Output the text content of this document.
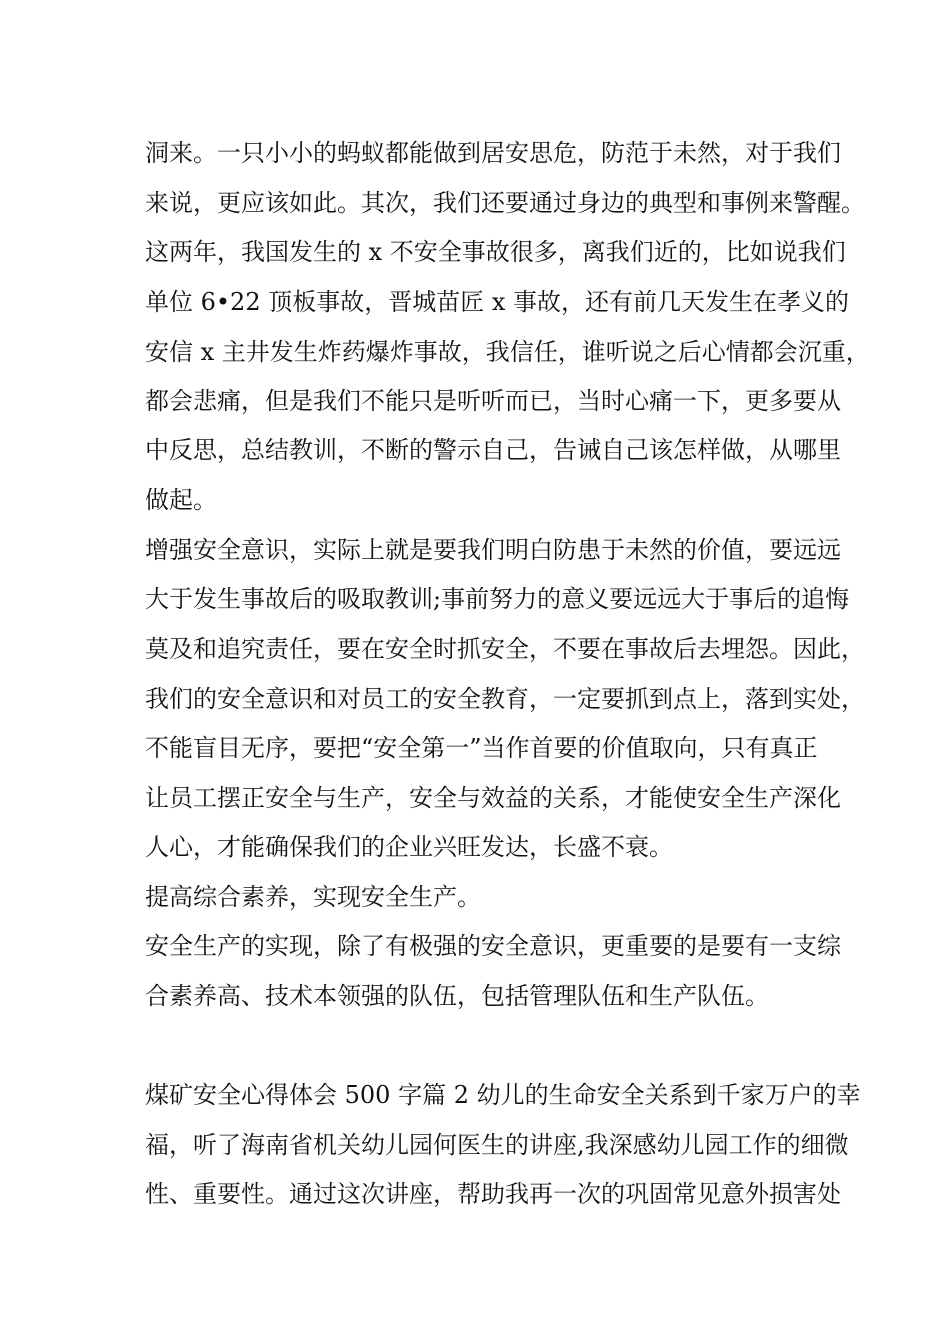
洞来。一只小小的蚂蚁都能做到居安思危，防范于未然，对于我们
来说，更应该如此。其次，我们还要通过身边的典型和事例来警醒。
这两年，我国发生的 x 不安全事故很多，离我们近的，比如说我们
单位 6•22 顶板事故，晋城苗匠 x 事故，还有前几天发生在孝义的
安信 x 主井发生炸药爆炸事故，我信任，谁听说之后心情都会沉重，
都会悲痛，但是我们不能只是听听而已，当时心痛一下，更多要从
中反思，总结教训，不断的警示自己，告诫自己该怎样做，从哪里
做起。
增强安全意识，实际上就是要我们明白防患于未然的价值，要远远
大于发生事故后的吸取教训;事前努力的意义要远远大于事后的追悔
莫及和追究责任，要在安全时抓安全，不要在事故后去埋怨。因此，
我们的安全意识和对员工的安全教育，一定要抓到点上，落到实处，
不能盲目无序，要把“安全第一”当作首要的价值取向，只有真正
让员工摆正安全与生产，安全与效益的关系，才能使安全生产深化
人心，才能确保我们的企业兴旺发达，长盛不衰。
提高综合素养，实现安全生产。
安全生产的实现，除了有极强的安全意识，更重要的是要有一支综
合素养高、技术本领强的队伍，包括管理队伍和生产队伍。
煤矿安全心得体会 500 字篇 2 幼儿的生命安全关系到千家万户的幸
福，听了海南省机关幼儿园何医生的讲座,我深感幼儿园工作的细微
性、重要性。通过这次讲座，帮助我再一次的巩固常见意外损害处
